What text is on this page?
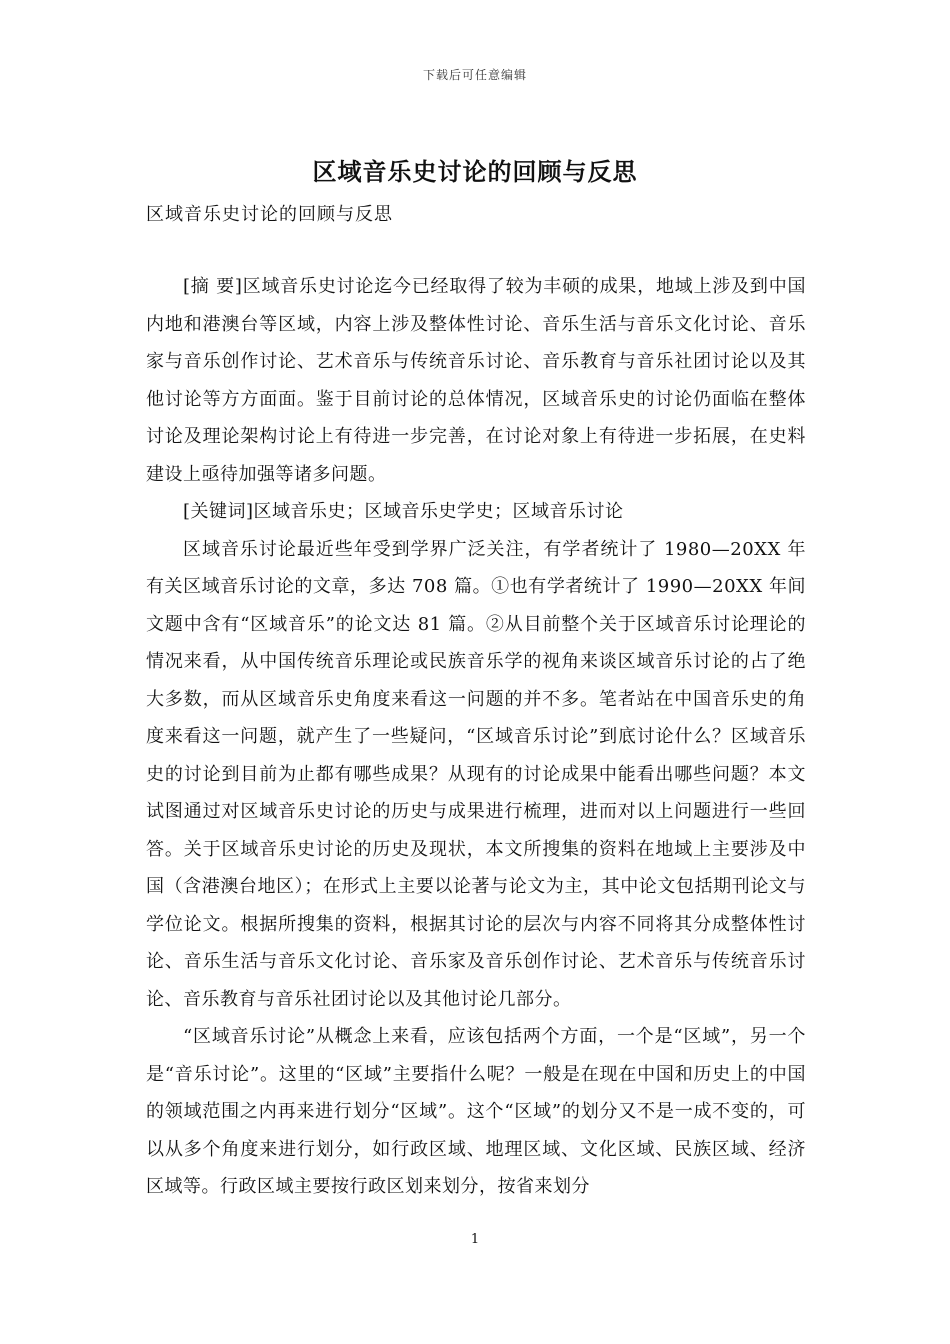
下载后可任意编辑
区域音乐史讨论的回顾与反思
区域音乐史讨论的回顾与反思

[摘 要]区域音乐史讨论迄今已经取得了较为丰硕的成果，地域上涉及到中国内地和港澳台等区域，内容上涉及整体性讨论、音乐生活与音乐文化讨论、音乐家与音乐创作讨论、艺术音乐与传统音乐讨论、音乐教育与音乐社团讨论以及其他讨论等方方面面。鉴于目前讨论的总体情况，区域音乐史的讨论仍面临在整体讨论及理论架构讨论上有待进一步完善，在讨论对象上有待进一步拓展，在史料建设上亟待加强等诸多问题。

[关键词]区域音乐史；区域音乐史学史；区域音乐讨论

区域音乐讨论最近些年受到学界广泛关注，有学者统计了 1980—20XX 年有关区域音乐讨论的文章，多达 708 篇。①也有学者统计了 1990—20XX 年间文题中含有“区域音乐”的论文达 81 篇。②从目前整个关于区域音乐讨论理论的情况来看，从中国传统音乐理论或民族音乐学的视角来谈区域音乐讨论的占了绝大多数，而从区域音乐史角度来看这一问题的并不多。笔者站在中国音乐史的角度来看这一问题，就产生了一些疑问，“区域音乐讨论”到底讨论什么？区域音乐史的讨论到目前为止都有哪些成果？从现有的讨论成果中能看出哪些问题？本文试图通过对区域音乐史讨论的历史与成果进行梳理，进而对以上问题进行一些回答。关于区域音乐史讨论的历史及现状，本文所搜集的资料在地域上主要涉及中国（含港澳台地区）；在形式上主要以论著与论文为主，其中论文包括期刊论文与学位论文。根据所搜集的资料，根据其讨论的层次与内容不同将其分成整体性讨论、音乐生活与音乐文化讨论、音乐家及音乐创作讨论、艺术音乐与传统音乐讨论、音乐教育与音乐社团讨论以及其他讨论几部分。

“区域音乐讨论”从概念上来看，应该包括两个方面，一个是“区域”，另一个是“音乐讨论”。这里的“区域”主要指什么呢？一般是在现在中国和历史上的中国的领域范围之内再来进行划分“区域”。这个“区域”的划分又不是一成不变的，可以从多个角度来进行划分，如行政区域、地理区域、文化区域、民族区域、经济区域等。行政区域主要按行政区划来划分，按省来划分

1
